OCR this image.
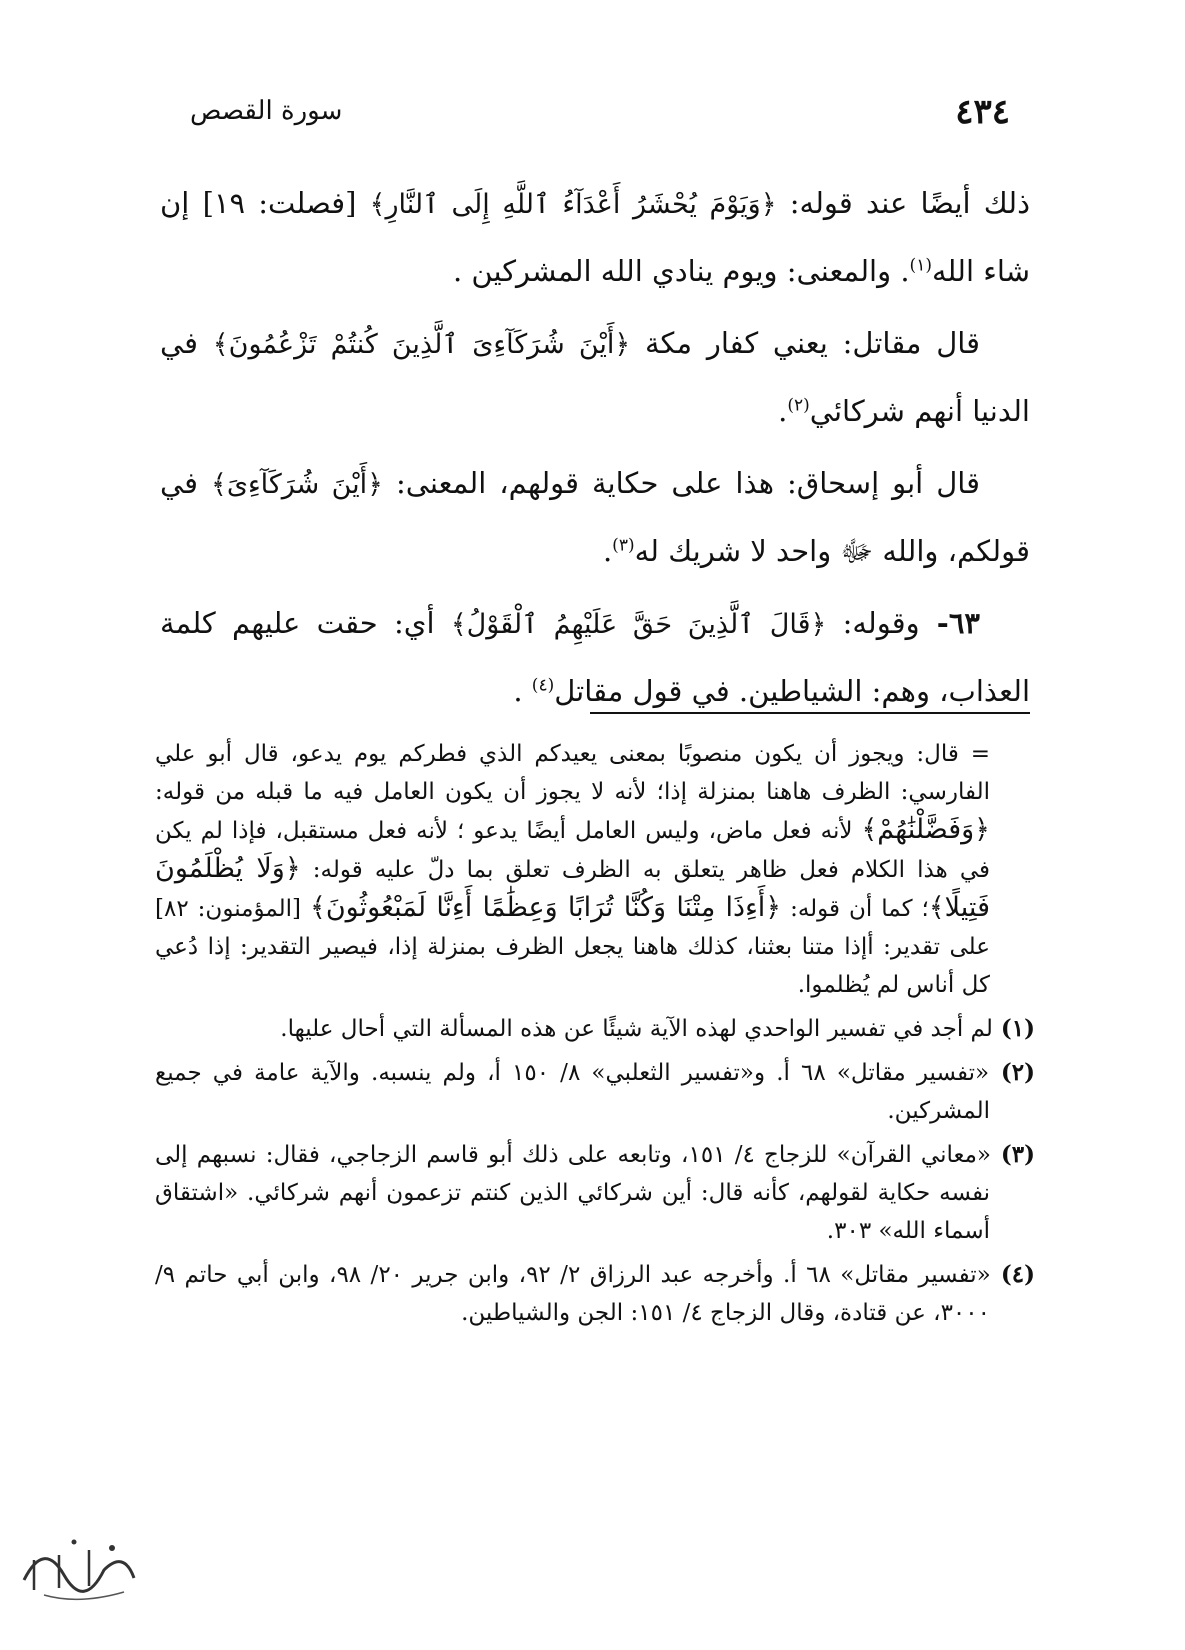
٤٣٤
سورة القصص

ذلك أيضًا عند قوله: ﴿وَيَوْمَ يُحْشَرُ أَعْدَآءُ ٱللَّهِ إِلَى ٱلنَّارِ﴾ [فصلت: ١٩] إن شاء الله$^{(١)}$. والمعنى: ويوم ينادي الله المشركين .

قال مقاتل: يعني كفار مكة ﴿أَيْنَ شُرَكَآءِىَ ٱلَّذِينَ كُنتُمْ تَزْعُمُونَ﴾ في الدنيا أنهم شركائي$^{(٢)}$.

قال أبو إسحاق: هذا على حكاية قولهم، المعنى: ﴿أَيْنَ شُرَكَآءِىَ﴾ في قولكم، والله ﷻ واحد لا شريك له$^{(٣)}$.

٦٣- وقوله: ﴿قَالَ ٱلَّذِينَ حَقَّ عَلَيْهِمُ ٱلْقَوْلُ﴾ أي: حقت عليهم كلمة العذاب، وهم: الشياطين. في قول مقاتل$^{(٤)}$ .

= قال: ويجوز أن يكون منصوبًا بمعنى يعيدكم الذي فطركم يوم يدعو، قال أبو علي الفارسي: الظرف هاهنا بمنزلة إذا؛ لأنه لا يجوز أن يكون العامل فيه ما قبله من قوله: ﴿وَفَضَّلْنَٰهُمْ﴾ لأنه فعل ماض، وليس العامل أيضًا يدعو ؛ لأنه فعل مستقبل، فإذا لم يكن في هذا الكلام فعل ظاهر يتعلق به الظرف تعلق بما دلّ عليه قوله: ﴿وَلَا يُظْلَمُونَ فَتِيلًا﴾؛ كما أن قوله: ﴿أَءِذَا مِتْنَا وَكُنَّا تُرَابًا وَعِظَٰمًا أَءِنَّا لَمَبْعُوثُونَ﴾ [المؤمنون: ٨٢] على تقدير: أإذا متنا بعثنا، كذلك هاهنا يجعل الظرف بمنزلة إذا، فيصير التقدير: إذا دُعي كل أناس لم يُظلموا.

(١) لم أجد في تفسير الواحدي لهذه الآية شيئًا عن هذه المسألة التي أحال عليها.

(٢) «تفسير مقاتل» ٦٨ أ. و«تفسير الثعلبي» ٨/ ١٥٠ أ، ولم ينسبه. والآية عامة في جميع المشركين.

(٣) «معاني القرآن» للزجاج ٤/ ١٥١، وتابعه على ذلك أبو قاسم الزجاجي، فقال: نسبهم إلى نفسه حكاية لقولهم، كأنه قال: أين شركائي الذين كنتم تزعمون أنهم شركائي. «اشتقاق أسماء الله» ٣٠٣.

(٤) «تفسير مقاتل» ٦٨ أ. وأخرجه عبد الرزاق ٢/ ٩٢، وابن جرير ٢٠/ ٩٨، وابن أبي حاتم ٩/ ٣٠٠٠، عن قتادة، وقال الزجاج ٤/ ١٥١: الجن والشياطين.
